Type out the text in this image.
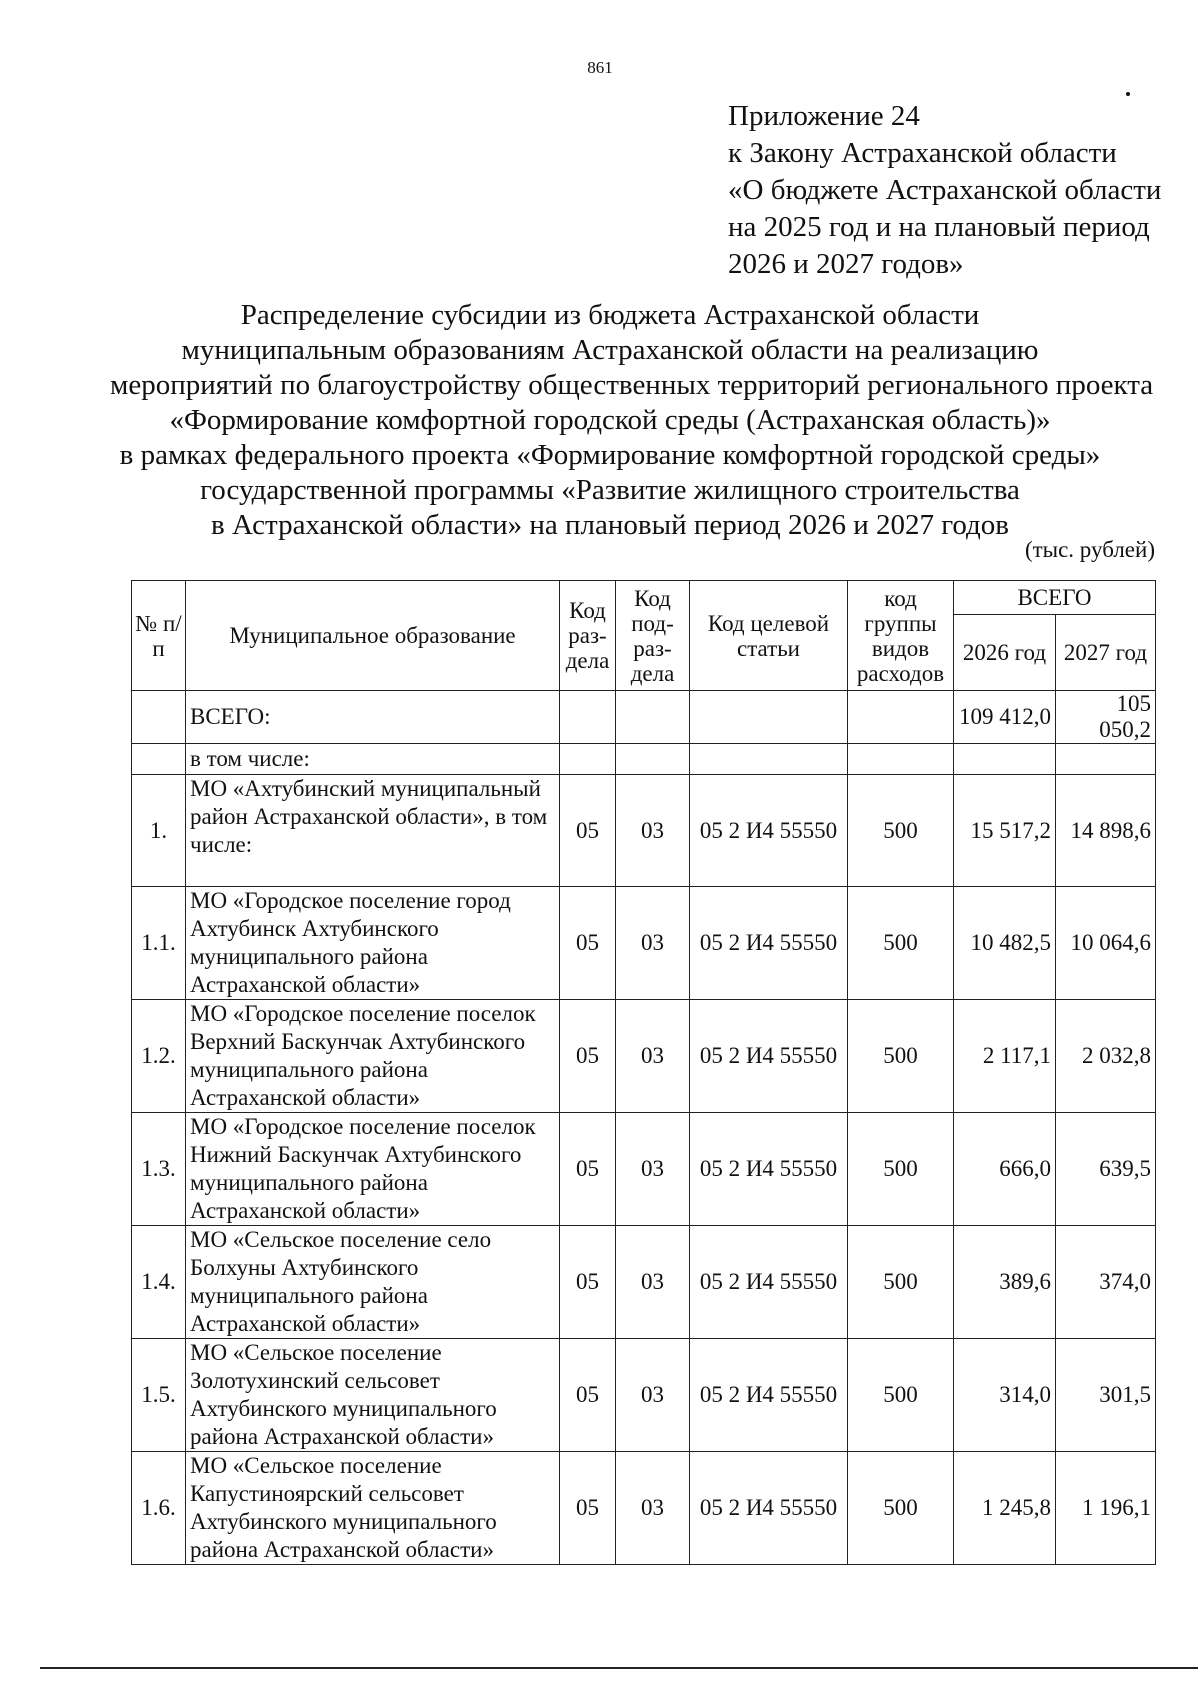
861
Приложение 24
к Закону Астраханской области
«О бюджете Астраханской области
на 2025 год и на плановый период
2026 и 2027 годов»
Распределение субсидии из бюджета Астраханской области
муниципальным образованиям Астраханской области на реализацию
мероприятий по благоустройству общественных территорий регионального проекта
«Формирование комфортной городской среды (Астраханская область)»
в рамках федерального проекта «Формирование комфортной городской среды»
государственной программы «Развитие жилищного строительства
в Астраханской области» на плановый период 2026 и 2027 годов
(тыс. рублей)
№ п/п	Муниципальное образование	Код раз-дела	Код под-раз-дела	Код целевой статьи	код группы видов расходов	ВСЕГО	
						2026 год	2027 год
	ВСЕГО:					109 412,0	105 050,2
	в том числе:						
1.	МО «Ахтубинский муниципальный район Астраханской области», в том числе:	05	03	05 2 И4 55550	500	15 517,2	14 898,6
1.1.	МО «Городское поселение город Ахтубинск Ахтубинского муниципального района Астраханской области»	05	03	05 2 И4 55550	500	10 482,5	10 064,6
1.2.	МО «Городское поселение поселок Верхний Баскунчак Ахтубинского муниципального района Астраханской области»	05	03	05 2 И4 55550	500	2 117,1	2 032,8
1.3.	МО «Городское поселение поселок Нижний Баскунчак Ахтубинского муниципального района Астраханской области»	05	03	05 2 И4 55550	500	666,0	639,5
1.4.	МО «Сельское поселение село Болхуны Ахтубинского муниципального района Астраханской области»	05	03	05 2 И4 55550	500	389,6	374,0
1.5.	МО «Сельское поселение Золотухинский сельсовет Ахтубинского муниципального района Астраханской области»	05	03	05 2 И4 55550	500	314,0	301,5
1.6.	МО «Сельское поселение Капустиноярский сельсовет Ахтубинского муниципального района Астраханской области»	05	03	05 2 И4 55550	500	1 245,8	1 196,1
